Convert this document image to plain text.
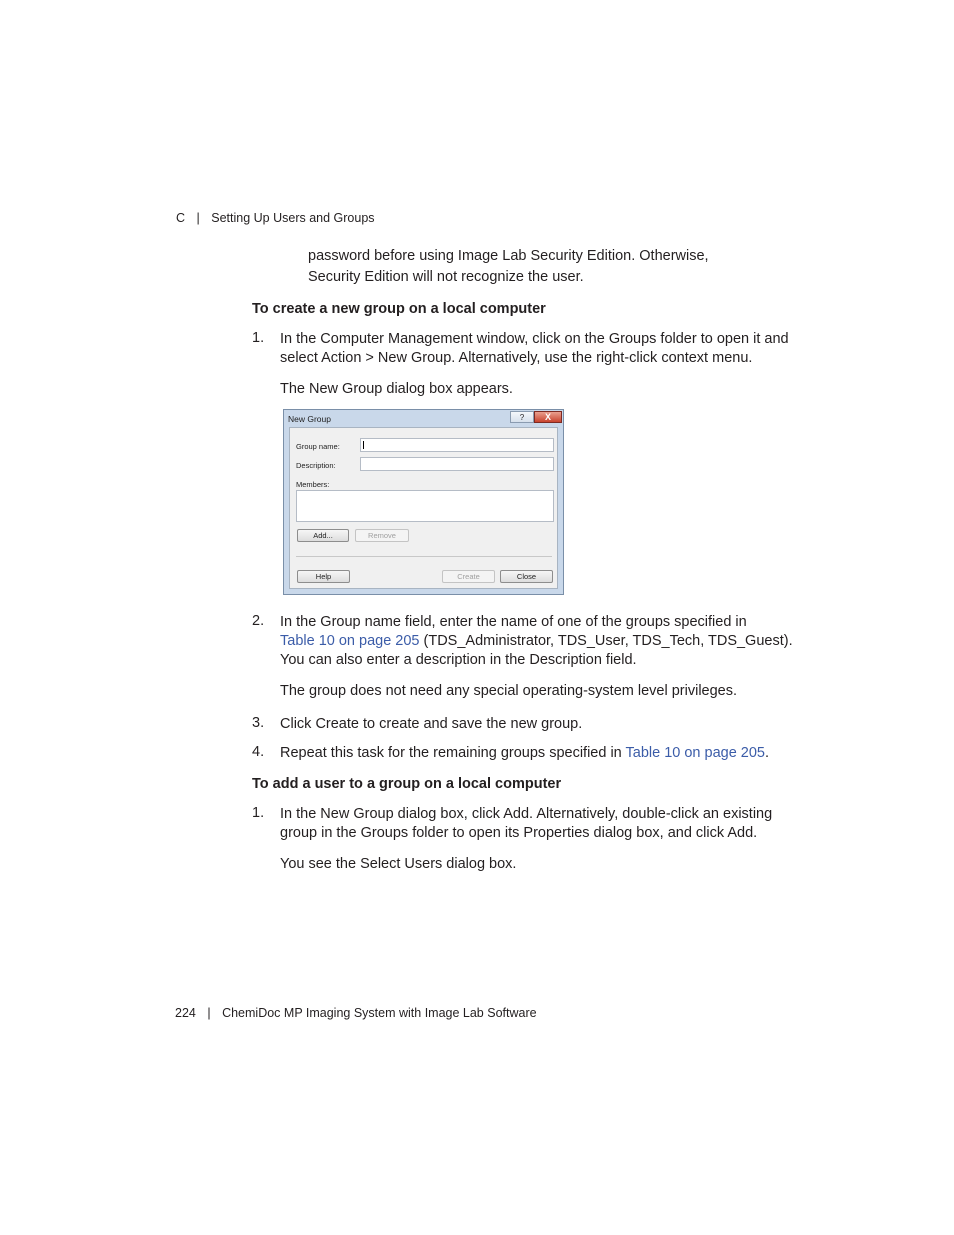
C | Setting Up Users and Groups
password before using Image Lab Security Edition. Otherwise,
Security Edition will not recognize the user.
To create a new group on a local computer
1. In the Computer Management window, click on the Groups folder to open it and
select Action > New Group. Alternatively, use the right-click context menu.
The New Group dialog box appears.
New Group	?	X
Group name:
Description:
Members:
Add...	Remove
Help	Create	Close
2. In the Group name field, enter the name of one of the groups specified in
Table 10 on page 205 (TDS_Administrator, TDS_User, TDS_Tech, TDS_Guest).
You can also enter a description in the Description field.
The group does not need any special operating-system level privileges.
3. Click Create to create and save the new group.
4. Repeat this task for the remaining groups specified in Table 10 on page 205.
To add a user to a group on a local computer
1. In the New Group dialog box, click Add. Alternatively, double-click an existing
group in the Groups folder to open its Properties dialog box, and click Add.
You see the Select Users dialog box.
224 | ChemiDoc MP Imaging System with Image Lab Software
